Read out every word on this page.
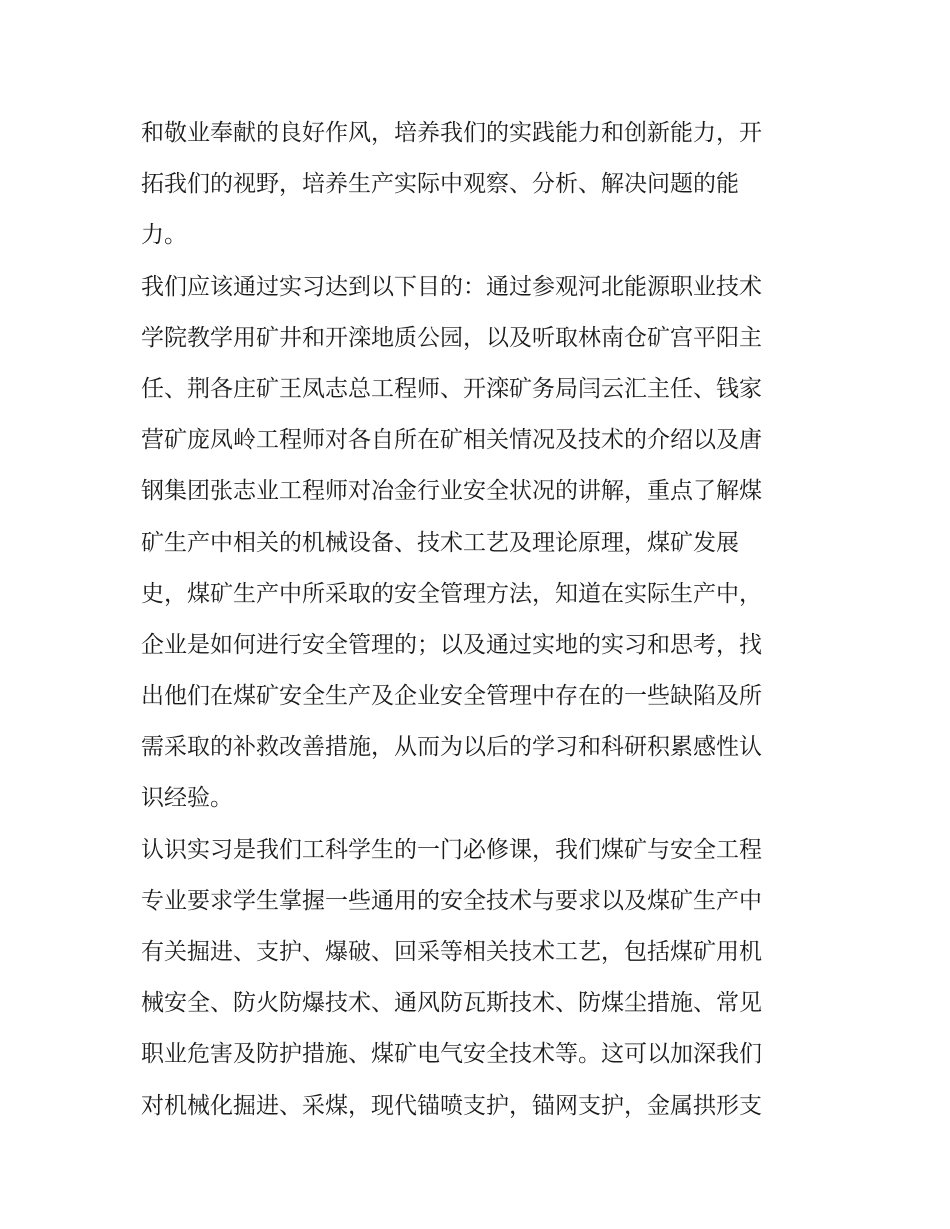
和敬业奉献的良好作风，培养我们的实践能力和创新能力，开
拓我们的视野，培养生产实际中观察、分析、解决问题的能
力。
我们应该通过实习达到以下目的：通过参观河北能源职业技术
学院教学用矿井和开滦地质公园，以及听取林南仓矿宫平阳主
任、荆各庄矿王凤志总工程师、开滦矿务局闫云汇主任、钱家
营矿庞凤岭工程师对各自所在矿相关情况及技术的介绍以及唐
钢集团张志业工程师对冶金行业安全状况的讲解，重点了解煤
矿生产中相关的机械设备、技术工艺及理论原理，煤矿发展
史，煤矿生产中所采取的安全管理方法，知道在实际生产中，
企业是如何进行安全管理的；以及通过实地的实习和思考，找
出他们在煤矿安全生产及企业安全管理中存在的一些缺陷及所
需采取的补救改善措施，从而为以后的学习和科研积累感性认
识经验。
认识实习是我们工科学生的一门必修课，我们煤矿与安全工程
专业要求学生掌握一些通用的安全技术与要求以及煤矿生产中
有关掘进、支护、爆破、回采等相关技术工艺，包括煤矿用机
械安全、防火防爆技术、通风防瓦斯技术、防煤尘措施、常见
职业危害及防护措施、煤矿电气安全技术等。这可以加深我们
对机械化掘进、采煤，现代锚喷支护，锚网支护，金属拱形支
